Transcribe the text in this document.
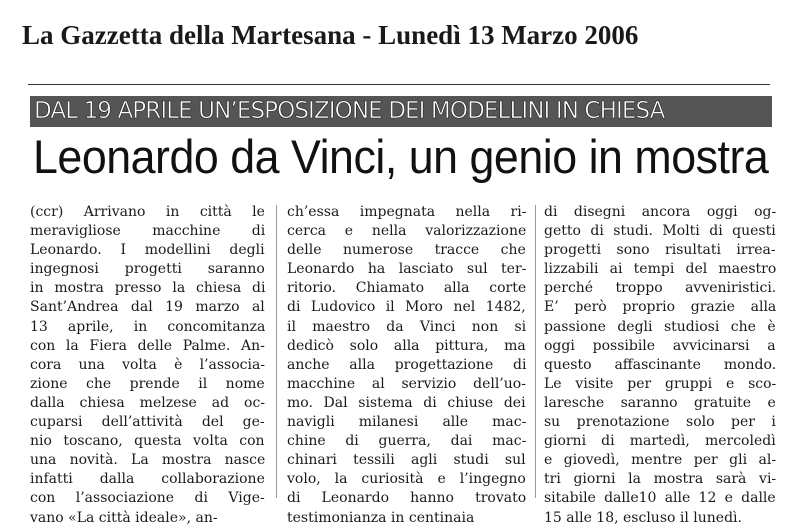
La Gazzetta della Martesana - Lunedì 13 Marzo 2006
DAL 19 APRILE UN’ESPOSIZIONE DEI MODELLINI IN CHIESA
Leonardo da Vinci, un genio in mostra

(ccr) Arrivano in città le

meravigliose macchine di

Leonardo. I modellini degli

ingegnosi progetti saranno

in mostra presso la chiesa di

Sant’Andrea dal 19 marzo al

13 aprile, in concomitanza

con la Fiera delle Palme. An-

cora una volta è l’associa-

zione che prende il nome

dalla chiesa melzese ad oc-

cuparsi dell’attività del ge-

nio toscano, questa volta con

una novità. La mostra nasce

infatti dalla collaborazione

con l’associazione di Vige-

vano «La città ideale», an-

ch’essa impegnata nella ri-

cerca e nella valorizzazione

delle numerose tracce che

Leonardo ha lasciato sul ter-

ritorio. Chiamato alla corte

di Ludovico il Moro nel 1482,

il maestro da Vinci non si

dedicò solo alla pittura, ma

anche alla progettazione di

macchine al servizio dell’uo-

mo. Dal sistema di chiuse dei

navigli milanesi alle mac-

chine di guerra, dai mac-

chinari tessili agli studi sul

volo, la curiosità e l’ingegno

di Leonardo hanno trovato

testimonianza in centinaia

di disegni ancora oggi og-

getto di studi. Molti di questi

progetti sono risultati irrea-

lizzabili ai tempi del maestro

perché troppo avveniristici.

E’ però proprio grazie alla

passione degli studiosi che è

oggi possibile avvicinarsi a

questo affascinante mondo.

Le visite per gruppi e sco-

laresche saranno gratuite e

su prenotazione solo per i

giorni di martedì, mercoledì

e giovedì, mentre per gli al-

tri giorni la mostra sarà vi-

sitabile dalle10 alle 12 e dalle

15 alle 18, escluso il lunedì.
